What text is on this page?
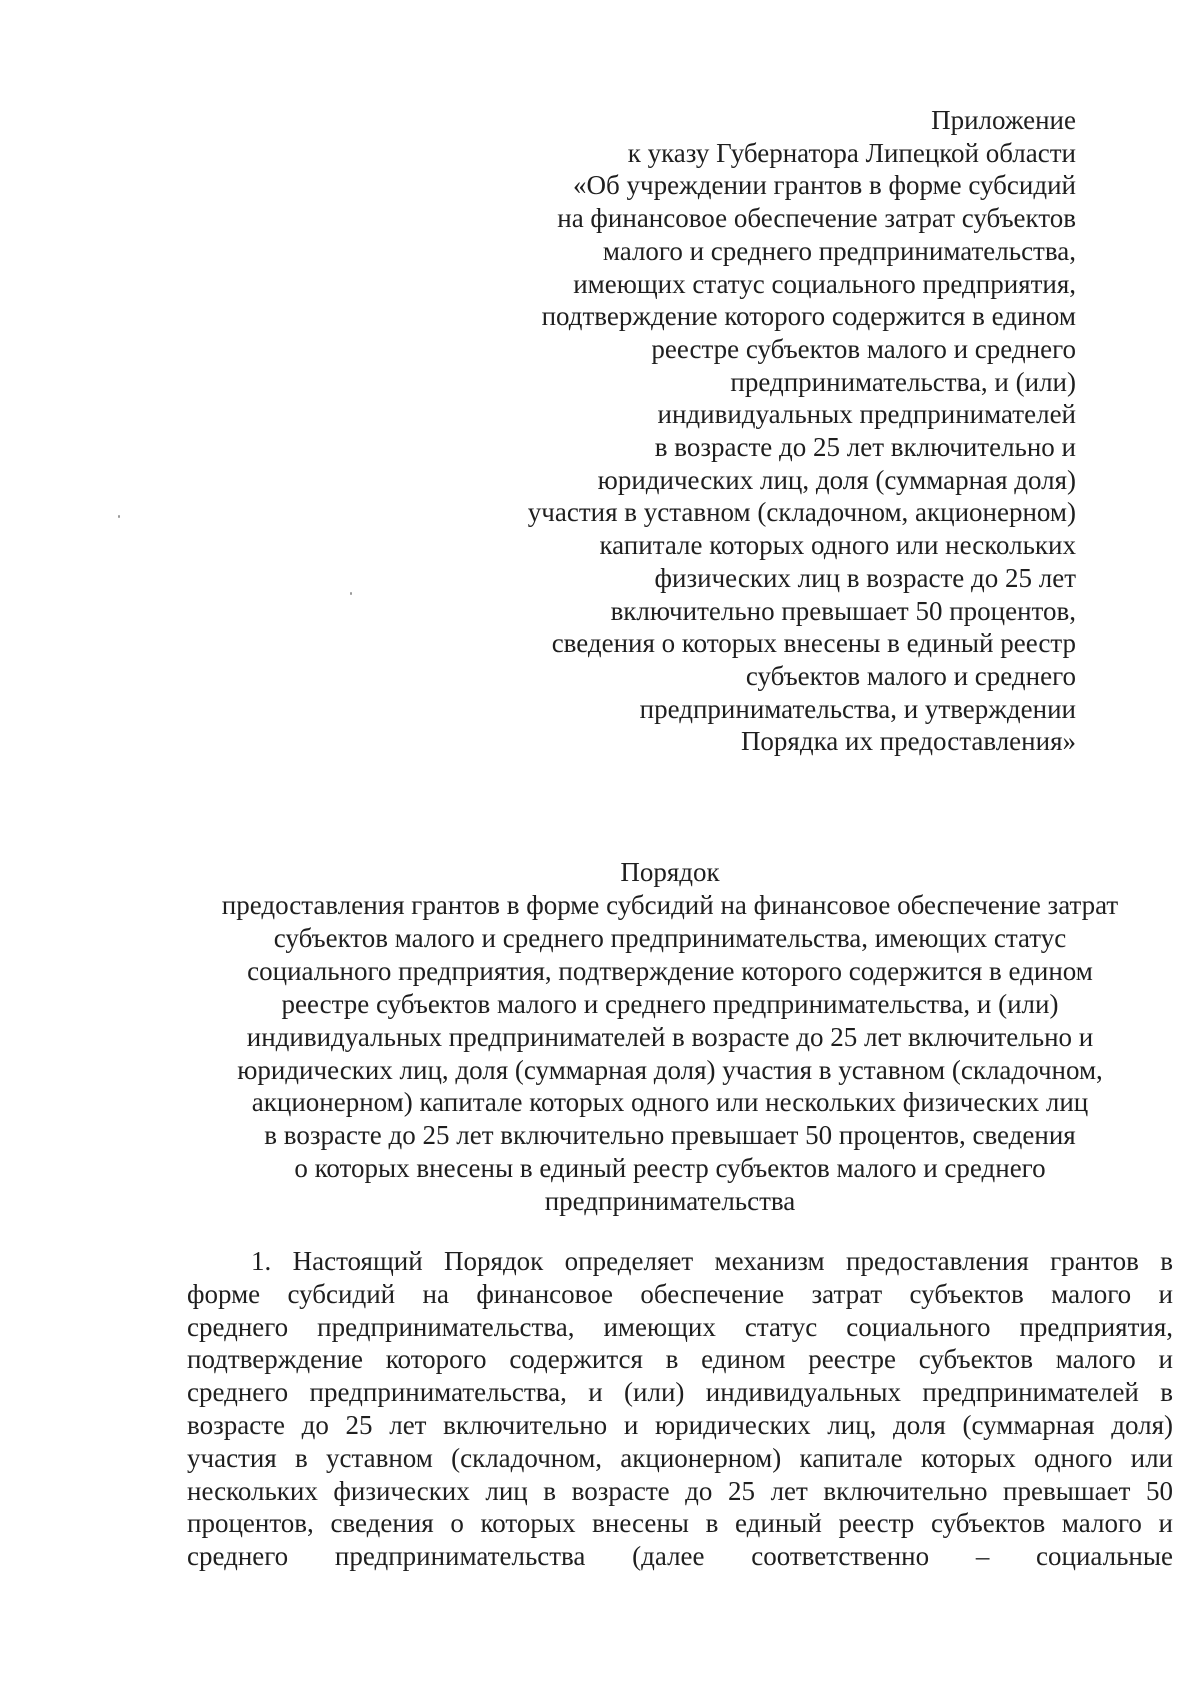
Приложение
к указу Губернатора Липецкой области
«Об учреждении грантов в форме субсидий
на финансовое обеспечение затрат субъектов
малого и среднего предпринимательства,
имеющих статус социального предприятия,
подтверждение которого содержится в едином
реестре субъектов малого и среднего
предпринимательства, и (или)
индивидуальных предпринимателей
в возрасте до 25 лет включительно и
юридических лиц, доля (суммарная доля)
участия в уставном (складочном, акционерном)
капитале которых одного или нескольких
физических лиц в возрасте до 25 лет
включительно превышает 50 процентов,
сведения о которых внесены в единый реестр
субъектов малого и среднего
предпринимательства, и утверждении
Порядка их предоставления»
Порядок
предоставления грантов в форме субсидий на финансовое обеспечение затрат
субъектов малого и среднего предпринимательства, имеющих статус
социального предприятия, подтверждение которого содержится в едином
реестре субъектов малого и среднего предпринимательства, и (или)
индивидуальных предпринимателей в возрасте до 25 лет включительно и
юридических лиц, доля (суммарная доля) участия в уставном (складочном,
акционерном) капитале которых одного или нескольких физических лиц
в возрасте до 25 лет включительно превышает 50 процентов, сведения
о которых внесены в единый реестр субъектов малого и среднего
предпринимательства
1. Настоящий Порядок определяет механизм предоставления грантов в
форме субсидий на финансовое обеспечение затрат субъектов малого и
среднего предпринимательства, имеющих статус социального предприятия,
подтверждение которого содержится в едином реестре субъектов малого и
среднего предпринимательства, и (или) индивидуальных предпринимателей в
возрасте до 25 лет включительно и юридических лиц, доля (суммарная доля)
участия в уставном (складочном, акционерном) капитале которых одного или
нескольких физических лиц в возрасте до 25 лет включительно превышает 50
процентов, сведения о которых внесены в единый реестр субъектов малого и
среднего предпринимательства (далее соответственно – социальные
